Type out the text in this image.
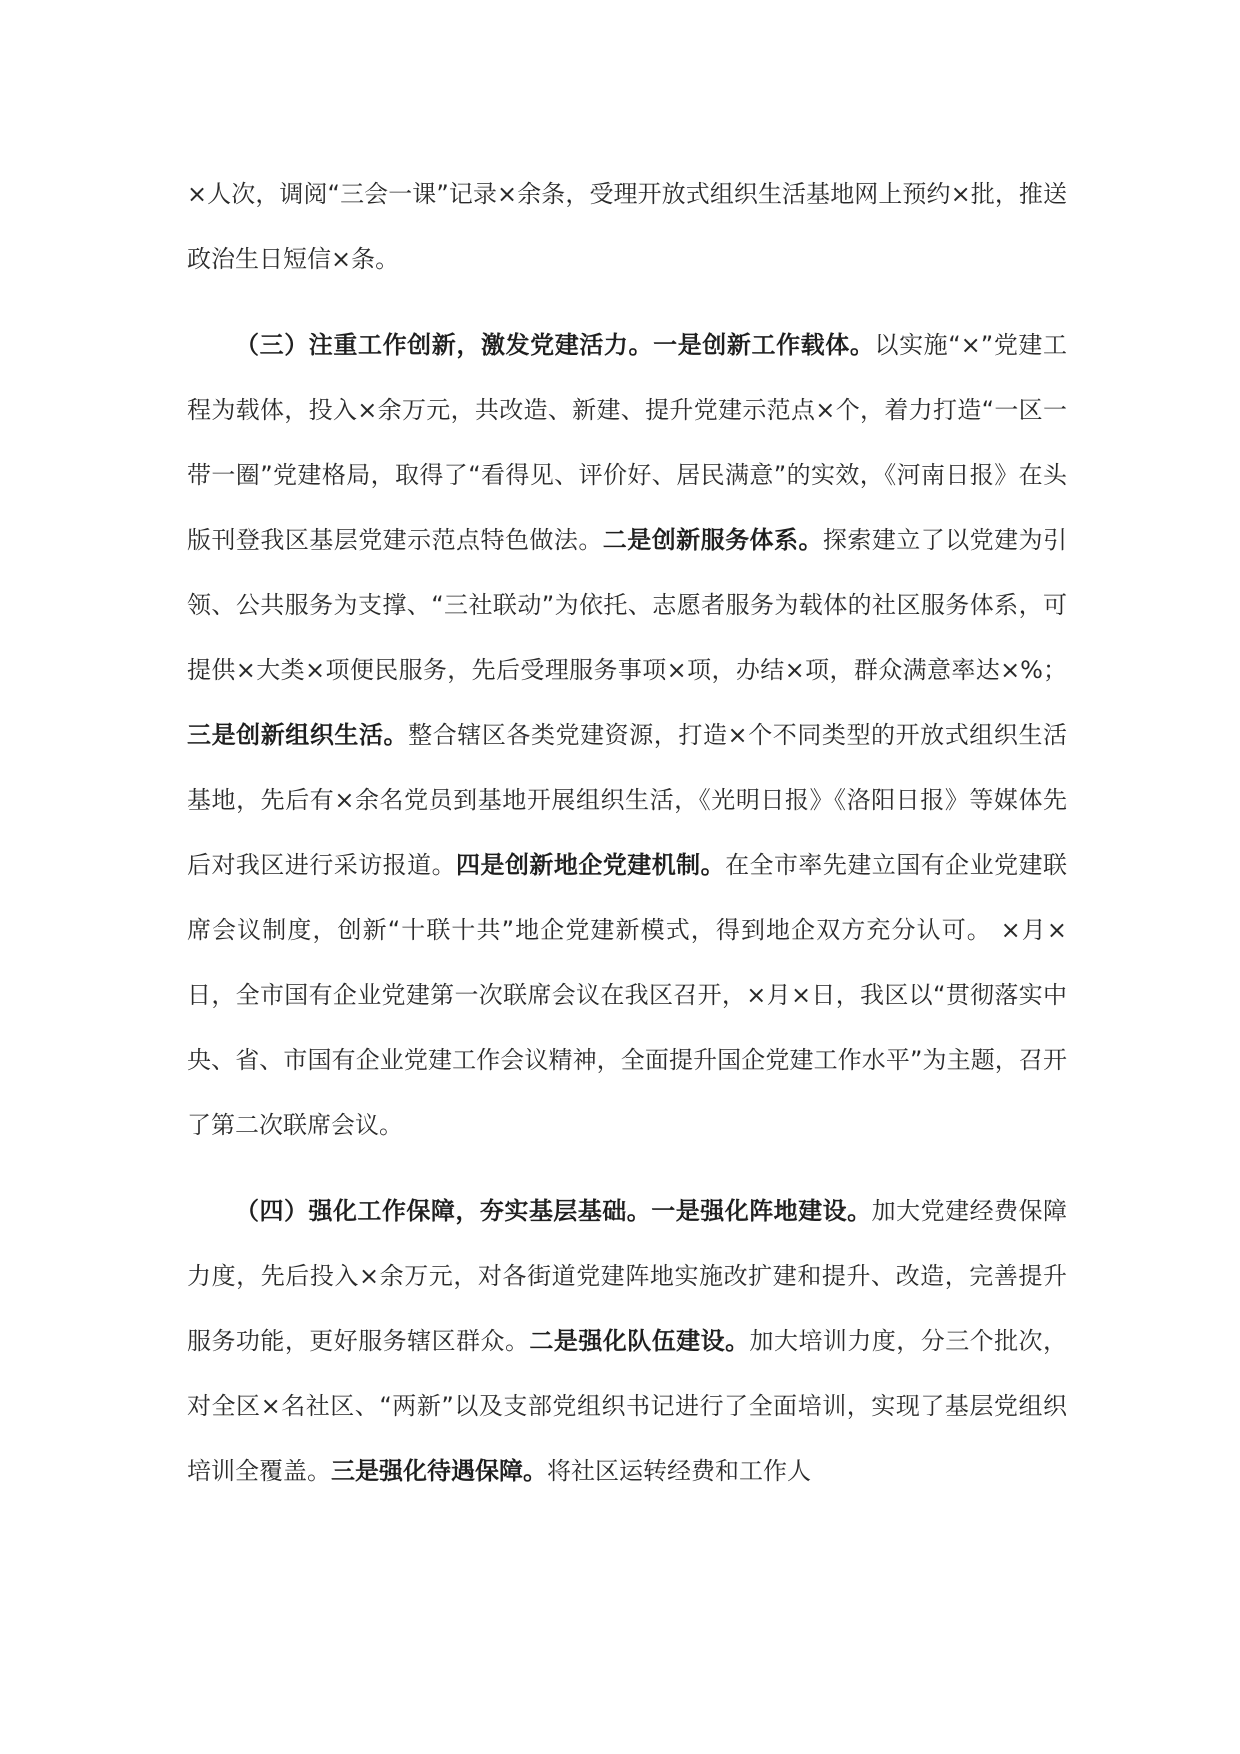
×人次，调阅“三会一课”记录×余条，受理开放式组织生活基地网上预约×批，推送政治生日短信×条。

（三）注重工作创新，激发党建活力。一是创新工作载体。以实施“×”党建工程为载体，投入×余万元，共改造、新建、提升党建示范点×个，着力打造“一区一带一圈”党建格局，取得了“看得见、评价好、居民满意”的实效，《河南日报》在头版刊登我区基层党建示范点特色做法。二是创新服务体系。探索建立了以党建为引领、公共服务为支撑、“三社联动”为依托、志愿者服务为载体的社区服务体系，可提供×大类×项便民服务，先后受理服务事项×项，办结×项，群众满意率达×%；三是创新组织生活。整合辖区各类党建资源，打造×个不同类型的开放式组织生活基地，先后有×余名党员到基地开展组织生活，《光明日报》《洛阳日报》等媒体先后对我区进行采访报道。四是创新地企党建机制。在全市率先建立国有企业党建联席会议制度，创新“十联十共”地企党建新模式，得到地企双方充分认可。 ×月×日，全市国有企业党建第一次联席会议在我区召开，×月×日，我区以“贯彻落实中央、省、市国有企业党建工作会议精神，全面提升国企党建工作水平”为主题，召开了第二次联席会议。

（四）强化工作保障，夯实基层基础。一是强化阵地建设。加大党建经费保障力度，先后投入×余万元，对各街道党建阵地实施改扩建和提升、改造，完善提升服务功能，更好服务辖区群众。二是强化队伍建设。加大培训力度，分三个批次，对全区×名社区、“两新”以及支部党组织书记进行了全面培训，实现了基层党组织培训全覆盖。三是强化待遇保障。将社区运转经费和工作人
